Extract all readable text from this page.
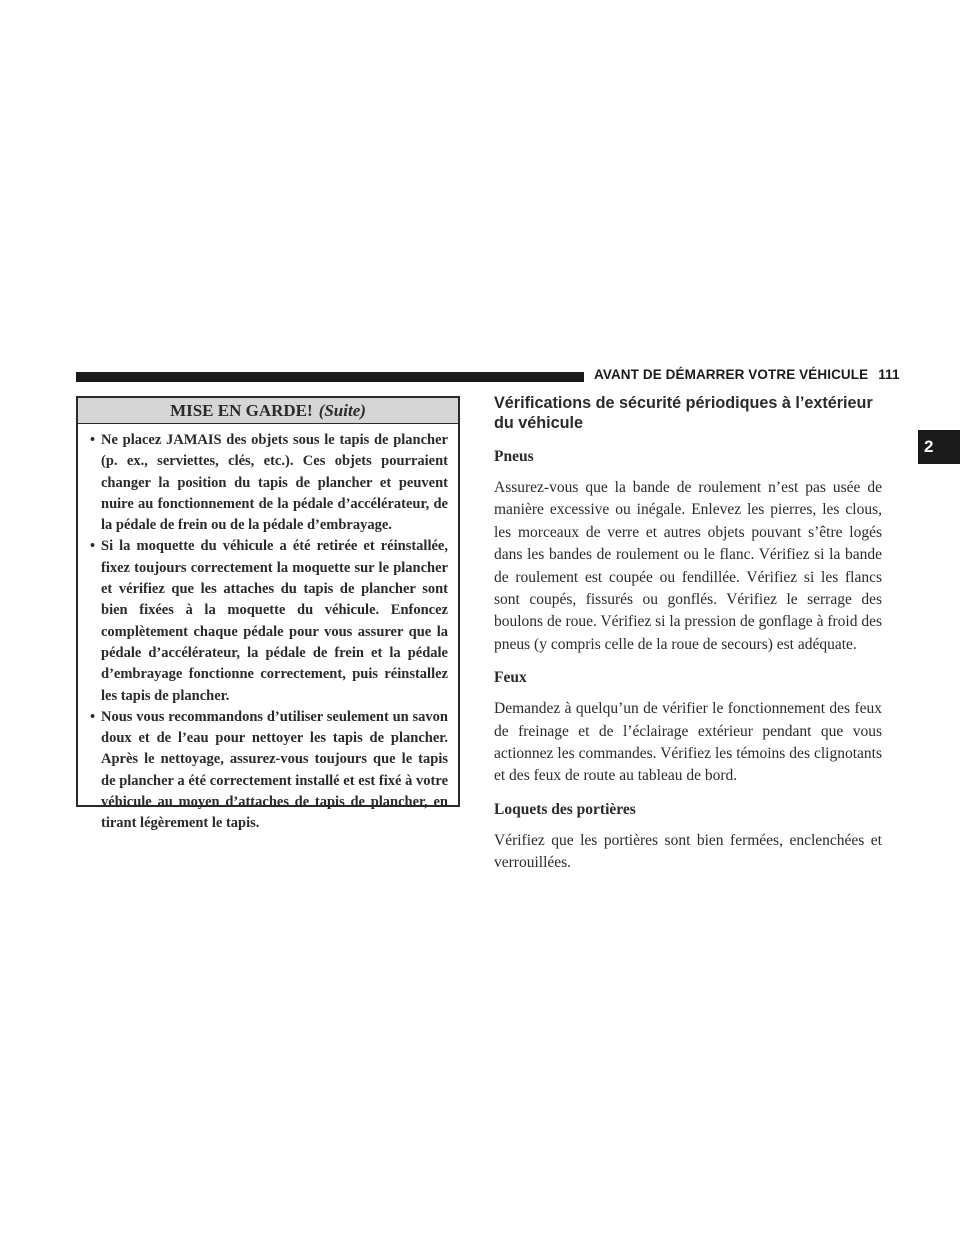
AVANT DE DÉMARRER VOTRE VÉHICULE 111
2
MISE EN GARDE! (Suite)
• Ne placez JAMAIS des objets sous le tapis de plancher (p. ex., serviettes, clés, etc.). Ces objets pourraient changer la position du tapis de plancher et peuvent nuire au fonctionnement de la pédale d’accélérateur, de la pédale de frein ou de la pédale d’embrayage.
• Si la moquette du véhicule a été retirée et réinstallée, fixez toujours correctement la moquette sur le plancher et vérifiez que les attaches du tapis de plancher sont bien fixées à la moquette du véhicule. Enfoncez complètement chaque pédale pour vous assurer que la pédale d’accélérateur, la pédale de frein et la pédale d’embrayage fonctionne correctement, puis réinstallez les tapis de plancher.
• Nous vous recommandons d’utiliser seulement un savon doux et de l’eau pour nettoyer les tapis de plancher. Après le nettoyage, assurez-vous toujours que le tapis de plancher a été correctement installé et est fixé à votre véhicule au moyen d’attaches de tapis de plancher, en tirant légèrement le tapis.
Vérifications de sécurité périodiques à l’extérieur du véhicule
Pneus

Assurez-vous que la bande de roulement n’est pas usée de manière excessive ou inégale. Enlevez les pierres, les clous, les morceaux de verre et autres objets pouvant s’être logés dans les bandes de roulement ou le flanc. Vérifiez si la bande de roulement est coupée ou fendillée. Vérifiez si les flancs sont coupés, fissurés ou gonflés. Vérifiez le serrage des boulons de roue. Vérifiez si la pression de gonflage à froid des pneus (y compris celle de la roue de secours) est adéquate.

Feux

Demandez à quelqu’un de vérifier le fonctionnement des feux de freinage et de l’éclairage extérieur pendant que vous actionnez les commandes. Vérifiez les témoins des clignotants et des feux de route au tableau de bord.

Loquets des portières

Vérifiez que les portières sont bien fermées, enclenchées et verrouillées.
